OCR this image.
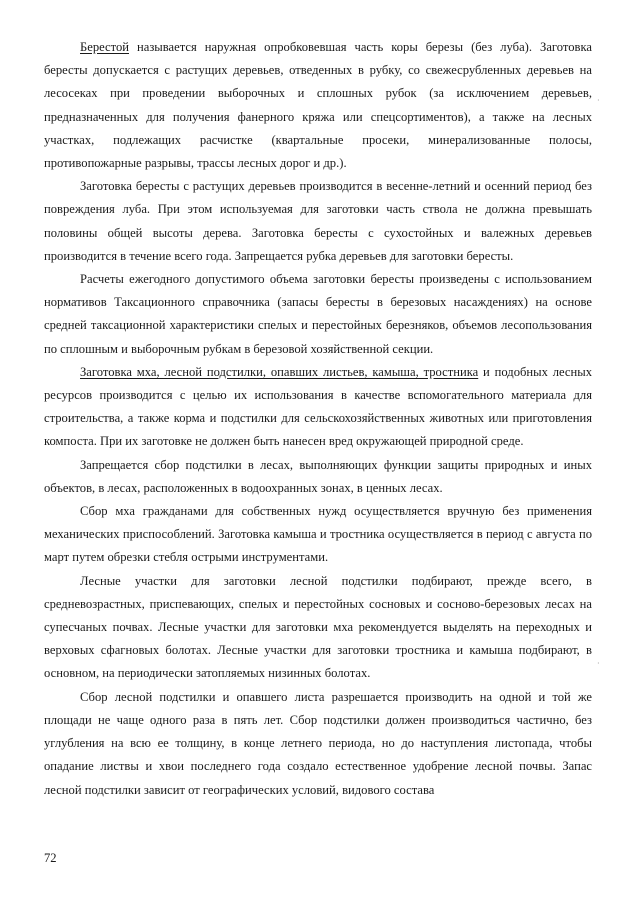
Берестой называется наружная опробковевшая часть коры березы (без луба). Заготовка бересты допускается с растущих деревьев, отведенных в рубку, со свежесрубленных деревьев на лесосеках при проведении выборочных и сплошных рубок (за исключением деревьев, предназначенных для получения фанерного кряжа или спецсортиментов), а также на лесных участках, подлежащих расчистке (квартальные просеки, минерализованные полосы, противопожарные разрывы, трассы лесных дорог и др.).

Заготовка бересты с растущих деревьев производится в весенне-летний и осенний период без повреждения луба. При этом используемая для заготовки часть ствола не должна превышать половины общей высоты дерева. Заготовка бересты с сухостойных и валежных деревьев производится в течение всего года. Запрещается рубка деревьев для заготовки бересты.

Расчеты ежегодного допустимого объема заготовки бересты произведены с использованием нормативов Таксационного справочника (запасы бересты в березовых насаждениях) на основе средней таксационной характеристики спелых и перестойных березняков, объемов лесопользования по сплошным и выборочным рубкам в березовой хозяйственной секции.

Заготовка мха, лесной подстилки, опавших листьев, камыша, тростника и подобных лесных ресурсов производится с целью их использования в качестве вспомогательного материала для строительства, а также корма и подстилки для сельскохозяйственных животных или приготовления компоста. При их заготовке не должен быть нанесен вред окружающей природной среде.

Запрещается сбор подстилки в лесах, выполняющих функции защиты природных и иных объектов, в лесах, расположенных в водоохранных зонах, в ценных лесах.

Сбор мха гражданами для собственных нужд осуществляется вручную без применения механических приспособлений. Заготовка камыша и тростника осуществляется в период с августа по март путем обрезки стебля острыми инструментами.

Лесные участки для заготовки лесной подстилки подбирают, прежде всего, в средневозрастных, приспевающих, спелых и перестойных сосновых и сосново-березовых лесах на супесчаных почвах. Лесные участки для заготовки мха рекомендуется выделять на переходных и верховых сфагновых болотах. Лесные участки для заготовки тростника и камыша подбирают, в основном, на периодически затопляемых низинных болотах.

Сбор лесной подстилки и опавшего листа разрешается производить на одной и той же площади не чаще одного раза в пять лет. Сбор подстилки должен производиться частично, без углубления на всю ее толщину, в конце летнего периода, но до наступления листопада, чтобы опадание листвы и хвои последнего года создало естественное удобрение лесной почвы. Запас лесной подстилки зависит от географических условий, видового состава

72
·
·
